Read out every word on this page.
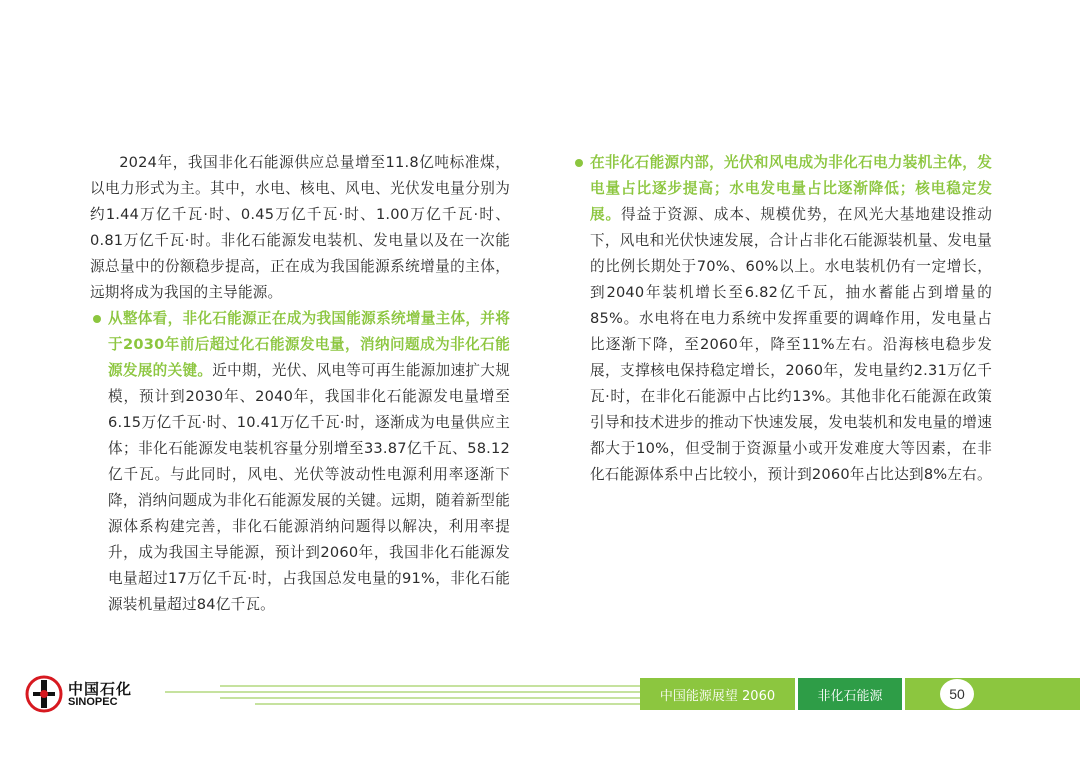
2024年，我国非化石能源供应总量增至11.8亿吨标准煤，以电力形式为主。其中，水电、核电、风电、光伏发电量分别为约1.44万亿千瓦·时、0.45万亿千瓦·时、1.00万亿千瓦·时、0.81万亿千瓦·时。非化石能源发电装机、发电量以及在一次能源总量中的份额稳步提高，正在成为我国能源系统增量的主体，远期将成为我国的主导能源。

从整体看，非化石能源正在成为我国能源系统增量主体，并将于2030年前后超过化石能源发电量，消纳问题成为非化石能源发展的关键。近中期，光伏、风电等可再生能源加速扩大规模，预计到2030年、2040年，我国非化石能源发电量增至6.15万亿千瓦·时、10.41万亿千瓦·时，逐渐成为电量供应主体；非化石能源发电装机容量分别增至33.87亿千瓦、58.12亿千瓦。与此同时，风电、光伏等波动性电源利用率逐渐下降，消纳问题成为非化石能源发展的关键。远期，随着新型能源体系构建完善，非化石能源消纳问题得以解决，利用率提升，成为我国主导能源，预计到2060年，我国非化石能源发电量超过17万亿千瓦·时，占我国总发电量的91%，非化石能源装机量超过84亿千瓦。

在非化石能源内部，光伏和风电成为非化石电力装机主体，发电量占比逐步提高；水电发电量占比逐渐降低；核电稳定发展。得益于资源、成本、规模优势，在风光大基地建设推动下，风电和光伏快速发展，合计占非化石能源装机量、发电量的比例长期处于70%、60%以上。水电装机仍有一定增长，到2040年装机增长至6.82亿千瓦，抽水蓄能占到增量的85%。水电将在电力系统中发挥重要的调峰作用，发电量占比逐渐下降，至2060年，降至11%左右。沿海核电稳步发展，支撑核电保持稳定增长，2060年，发电量约2.31万亿千瓦·时，在非化石能源中占比约13%。其他非化石能源在政策引导和技术进步的推动下快速发展，发电装机和发电量的增速都大于10%，但受制于资源量小或开发难度大等因素，在非化石能源体系中占比较小，预计到2060年占比达到8%左右。

中国石化
SINOPEC	中国能源展望 2060	非化石能源	50
